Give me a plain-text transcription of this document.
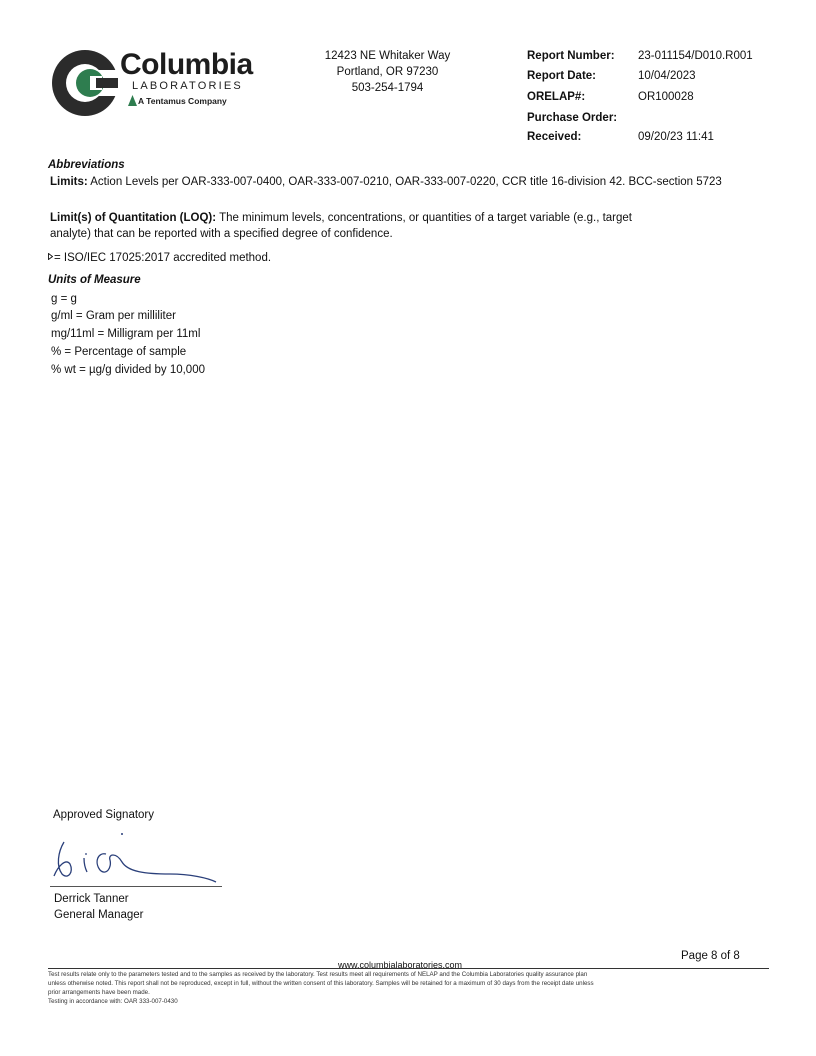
Columbia
LABORATORIES
A Tentamus Company
12423 NE Whitaker Way
Portland, OR 97230
503-254-1794
Report Number: 23-011154/D010.R001
Report Date:	10/04/2023
ORELAP#:	OR100028
Purchase Order:
Received:	09/20/23 11:41
Abbreviations
Limits: Action Levels per OAR-333-007-0400, OAR-333-007-0210, OAR-333-007-0220, CCR title 16-division 42. BCC-section 5723
Limit(s) of Quantitation (LOQ): The minimum levels, concentrations, or quantities of a target variable (e.g., target
analyte) that can be reported with a specified degree of confidence.
= ISO/IEC 17025:2017 accredited method.
Units of Measure
g = g
g/ml = Gram per milliliter
mg/11ml = Milligram per 11ml
% = Percentage of sample
% wt = µg/g divided by 10,000
Approved Signatory
Derrick Tanner
General Manager
Page 8 of 8
www.columbialaboratories.com
Test results relate only to the parameters tested and to the samples as received by the laboratory. Test results meet all requirements of NELAP and the Columbia Laboratories quality assurance plan
unless otherwise noted. This report shall not be reproduced, except in full, without the written consent of this laboratory. Samples will be retained for a maximum of 30 days from the receipt date unless
prior arrangements have been made.
Testing in accordance with: OAR 333-007-0430
